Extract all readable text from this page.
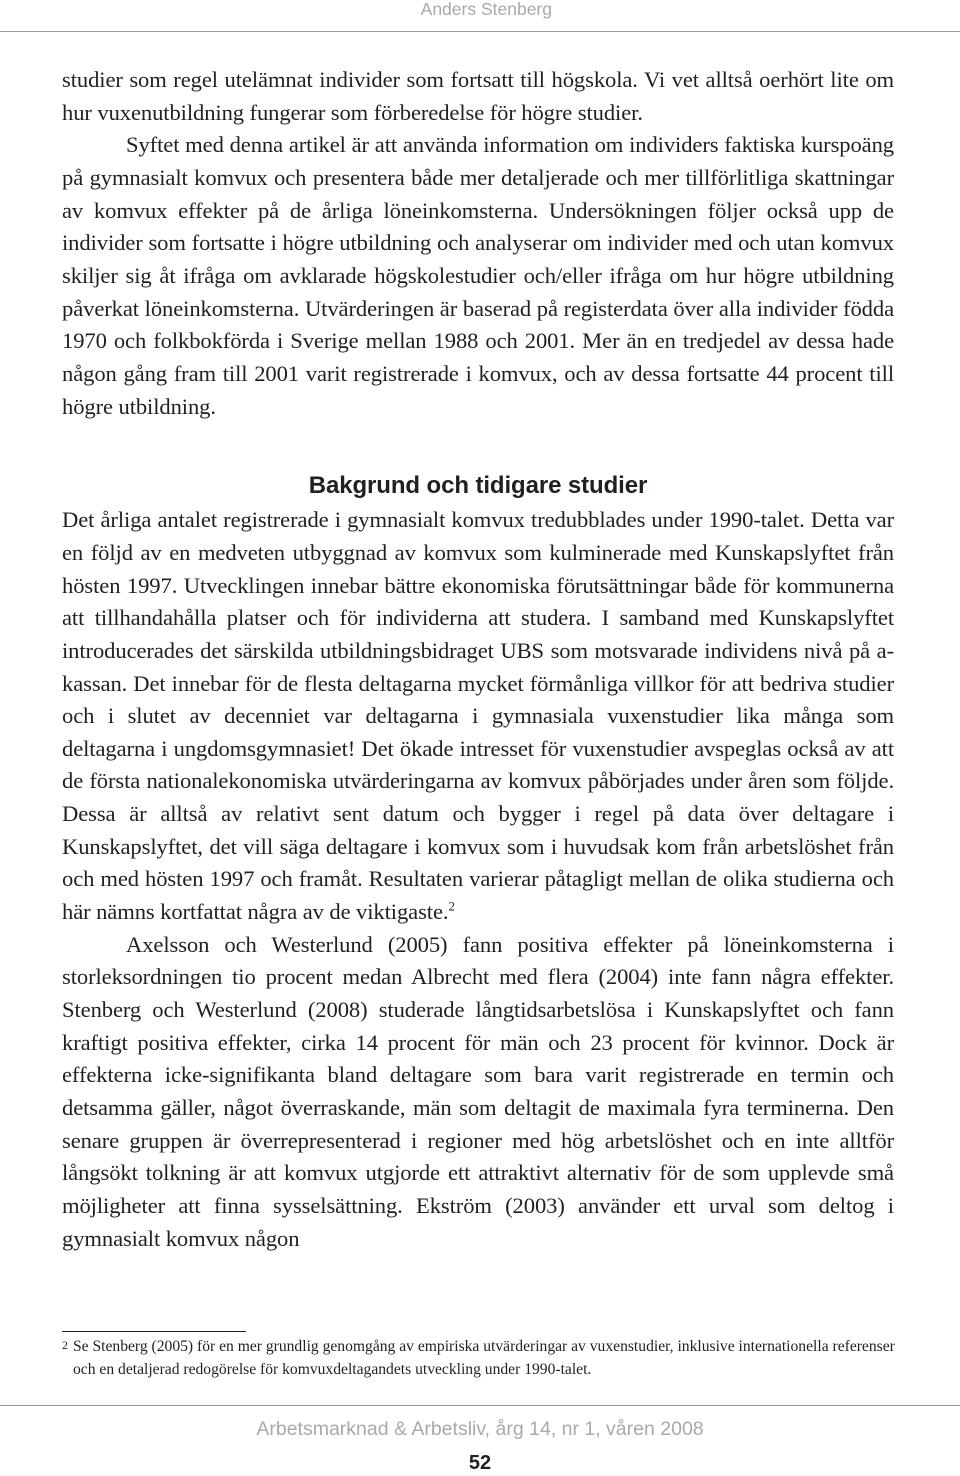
Anders Stenberg

studier som regel utelämnat individer som fortsatt till högskola. Vi vet alltså oerhört lite om hur vuxenutbildning fungerar som förberedelse för högre studier.

Syftet med denna artikel är att använda information om individers faktiska kurspoäng på gymnasialt komvux och presentera både mer detaljerade och mer tillförlitliga skattningar av komvux effekter på de årliga löneinkomsterna. Undersökningen följer också upp de individer som fortsatte i högre utbildning och analyserar om individer med och utan komvux skiljer sig åt ifråga om avklarade högskolestudier och/eller ifråga om hur högre utbildning påverkat löneinkomsterna. Utvärderingen är baserad på registerdata över alla individer födda 1970 och folkbokförda i Sverige mellan 1988 och 2001. Mer än en tredjedel av dessa hade någon gång fram till 2001 varit registrerade i komvux, och av dessa fortsatte 44 procent till högre utbildning.

Bakgrund och tidigare studier

Det årliga antalet registrerade i gymnasialt komvux tredubblades under 1990-talet. Detta var en följd av en medveten utbyggnad av komvux som kulminerade med Kunskapslyftet från hösten 1997. Utvecklingen innebar bättre ekonomiska förutsättningar både för kommunerna att tillhandahålla platser och för individerna att studera. I samband med Kunskapslyftet introducerades det särskilda utbildningsbidraget UBS som motsvarade individens nivå på a-kassan. Det innebar för de flesta deltagarna mycket förmånliga villkor för att bedriva studier och i slutet av decenniet var deltagarna i gymnasiala vuxenstudier lika många som deltagarna i ungdomsgymnasiet! Det ökade intresset för vuxenstudier avspeglas också av att de första nationalekonomiska utvärderingarna av komvux påbörjades under åren som följde. Dessa är alltså av relativt sent datum och bygger i regel på data över deltagare i Kunskapslyftet, det vill säga deltagare i komvux som i huvudsak kom från arbetslöshet från och med hösten 1997 och framåt. Resultaten varierar påtagligt mellan de olika studierna och här nämns kortfattat några av de viktigaste.$^2$

Axelsson och Westerlund (2005) fann positiva effekter på löneinkomsterna i storleksordningen tio procent medan Albrecht med flera (2004) inte fann några effekter. Stenberg och Westerlund (2008) studerade långtidsarbetslösa i Kunskapslyftet och fann kraftigt positiva effekter, cirka 14 procent för män och 23 procent för kvinnor. Dock är effekterna icke-signifikanta bland deltagare som bara varit registrerade en termin och detsamma gäller, något överraskande, män som deltagit de maximala fyra terminerna. Den senare gruppen är överrepresenterad i regioner med hög arbetslöshet och en inte alltför långsökt tolkning är att komvux utgjorde ett attraktivt alternativ för de som upplevde små möjligheter att finna sysselsättning. Ekström (2003) använder ett urval som deltog i gymnasialt komvux någon

2 Se Stenberg (2005) för en mer grundlig genomgång av empiriska utvärderingar av vuxenstudier, inklusive internationella referenser och en detaljerad redogörelse för komvuxdeltagandets utveckling under 1990-talet.
Arbetsmarknad & Arbetsliv, årg 14, nr 1, våren 2008
52
